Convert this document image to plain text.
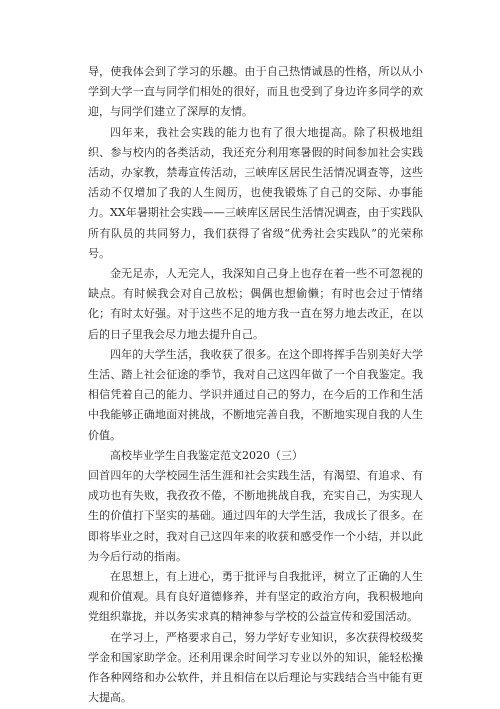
导，使我体会到了学习的乐趣。由于自己热情诚恳的性格，所以从小学到大学一直与同学们相处的很好，而且也受到了身边许多同学的欢迎，与同学们建立了深厚的友情。

四年来，我社会实践的能力也有了很大地提高。除了积极地组织、参与校内的各类活动，我还充分利用寒暑假的时间参加社会实践活动，办家教，禁毒宣传活动，三峡库区居民生活情况调查等，这些活动不仅增加了我的人生阅历，也使我锻炼了自己的交际、办事能力。XX年暑期社会实践——三峡库区居民生活情况调查，由于实践队所有队员的共同努力，我们获得了省级“优秀社会实践队”的光荣称号。

金无足赤，人无完人，我深知自己身上也存在着一些不可忽视的缺点。有时候我会对自己放松；偶偶也想偷懒；有时也会过于情绪化；有时太好强。对于这些不足的地方我一直在努力地去改正，在以后的日子里我会尽力地去提升自己。

四年的大学生活，我收获了很多。在这个即将挥手告别美好大学生活、踏上社会征途的季节，我对自己这四年做了一个自我鉴定。我相信凭着自己的能力、学识并通过自己的努力，在今后的工作和生活中我能够正确地面对挑战，不断地完善自我，不断地实现自我的人生价值。

高校毕业学生自我鉴定范文2020（三）

回首四年的大学校园生活生涯和社会实践生活，有渴望、有追求、有成功也有失败，我孜孜不倦，不断地挑战自我，充实自己，为实现人生的价值打下坚实的基础。通过四年的大学生活，我成长了很多。在即将毕业之时，我对自己这四年来的收获和感受作一个小结，并以此为今后行动的指南。

在思想上，有上进心，勇于批评与自我批评，树立了正确的人生观和价值观。具有良好道德修养，并有坚定的政治方向，我积极地向党组织靠拢，并以务实求真的精神参与学校的公益宣传和爱国活动。

在学习上，严格要求自己，努力学好专业知识，多次获得校级奖学金和国家助学金。还利用课余时间学习专业以外的知识，能轻松操作各种网络和办公软件，并且相信在以后理论与实践结合当中能有更大提高。
